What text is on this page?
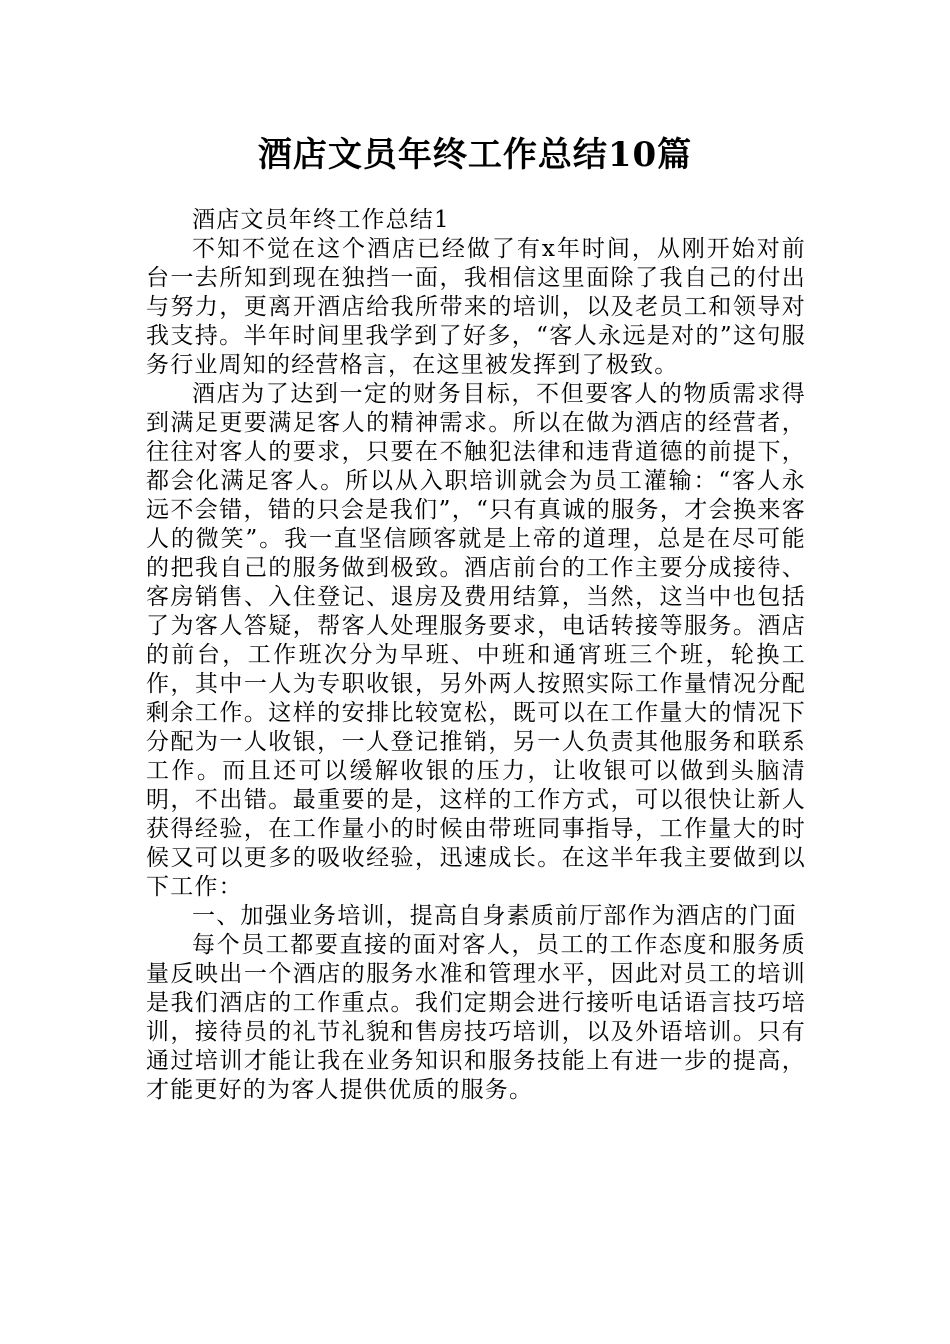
酒店文员年终工作总结10篇

酒店文员年终工作总结1

不知不觉在这个酒店已经做了有x年时间，从刚开始对前台一去所知到现在独挡一面，我相信这里面除了我自己的付出与努力，更离开酒店给我所带来的培训，以及老员工和领导对我支持。半年时间里我学到了好多，“客人永远是对的”这句服务行业周知的经营格言，在这里被发挥到了极致。

酒店为了达到一定的财务目标，不但要客人的物质需求得到满足更要满足客人的精神需求。所以在做为酒店的经营者，往往对客人的要求，只要在不触犯法律和违背道德的前提下，都会化满足客人。所以从入职培训就会为员工灌输：“客人永远不会错，错的只会是我们”，“只有真诚的服务，才会换来客人的微笑”。我一直坚信顾客就是上帝的道理，总是在尽可能的把我自己的服务做到极致。酒店前台的工作主要分成接待、客房销售、入住登记、退房及费用结算，当然，这当中也包括了为客人答疑，帮客人处理服务要求，电话转接等服务。酒店的前台，工作班次分为早班、中班和通宵班三个班，轮换工作，其中一人为专职收银，另外两人按照实际工作量情况分配剩余工作。这样的安排比较宽松，既可以在工作量大的情况下分配为一人收银，一人登记推销，另一人负责其他服务和联系工作。而且还可以缓解收银的压力，让收银可以做到头脑清明，不出错。最重要的是，这样的工作方式，可以很快让新人获得经验，在工作量小的时候由带班同事指导，工作量大的时候又可以更多的吸收经验，迅速成长。在这半年我主要做到以下工作：

一、加强业务培训，提高自身素质前厅部作为酒店的门面

每个员工都要直接的面对客人，员工的工作态度和服务质量反映出一个酒店的服务水准和管理水平，因此对员工的培训是我们酒店的工作重点。我们定期会进行接听电话语言技巧培训，接待员的礼节礼貌和售房技巧培训，以及外语培训。只有通过培训才能让我在业务知识和服务技能上有进一步的提高，才能更好的为客人提供优质的服务。
